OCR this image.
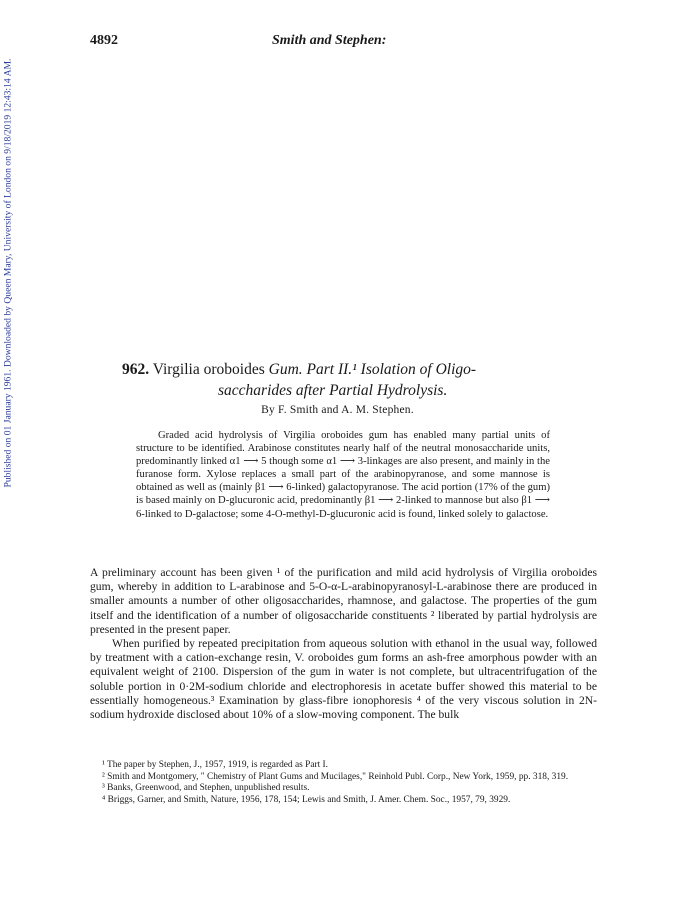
Published on 01 January 1961. Downloaded by Queen Mary, University of London on 9/18/2019 12:43:14 AM.
4892	Smith and Stephen:
962. Virgilia oroboides Gum. Part II.¹ Isolation of Oligo-
saccharides after Partial Hydrolysis.
By F. Smith and A. M. Stephen.

Graded acid hydrolysis of Virgilia oroboides gum has enabled many partial units of structure to be identified. Arabinose constitutes nearly half of the neutral monosaccharide units, predominantly linked α1 ⟶ 5 though some α1 ⟶ 3-linkages are also present, and mainly in the furanose form. Xylose replaces a small part of the arabinopyranose, and some mannose is obtained as well as (mainly β1 ⟶ 6-linked) galactopyranose. The acid portion (17% of the gum) is based mainly on D-glucuronic acid, predominantly β1 ⟶ 2-linked to mannose but also β1 ⟶ 6-linked to D-galactose; some 4-O-methyl-D-glucuronic acid is found, linked solely to galactose.

A preliminary account has been given ¹ of the purification and mild acid hydrolysis of Virgilia oroboides gum, whereby in addition to L-arabinose and 5-O-α-L-arabinopyranosyl-L-arabinose there are produced in smaller amounts a number of other oligosaccharides, rhamnose, and galactose. The properties of the gum itself and the identification of a number of oligosaccharide constituents ² liberated by partial hydrolysis are presented in the present paper.

When purified by repeated precipitation from aqueous solution with ethanol in the usual way, followed by treatment with a cation-exchange resin, V. oroboides gum forms an ash-free amorphous powder with an equivalent weight of 2100. Dispersion of the gum in water is not complete, but ultracentrifugation of the soluble portion in 0·2M-sodium chloride and electrophoresis in acetate buffer showed this material to be essentially homogeneous.³ Examination by glass-fibre ionophoresis ⁴ of the very viscous solution in 2N-sodium hydroxide disclosed about 10% of a slow-moving component. The bulk

¹ The paper by Stephen, J., 1957, 1919, is regarded as Part I.
² Smith and Montgomery, " Chemistry of Plant Gums and Mucilages," Reinhold Publ. Corp., New York, 1959, pp. 318, 319.
³ Banks, Greenwood, and Stephen, unpublished results.
⁴ Briggs, Garner, and Smith, Nature, 1956, 178, 154; Lewis and Smith, J. Amer. Chem. Soc., 1957, 79, 3929.
